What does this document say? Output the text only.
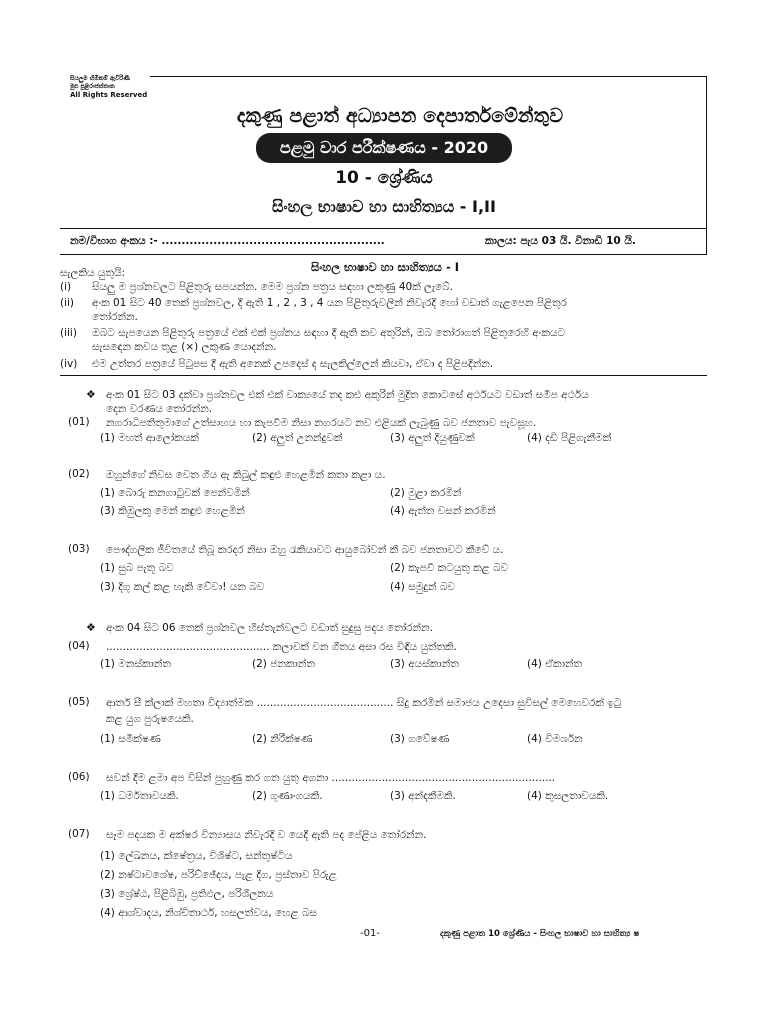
සියලුම හිමිකම් ඇවිරිණි
මුළු පුළිරාජස්තාන
All Rights Reserved
දකුණු පළාත් අධ්‍යාපන දෙපාර්තමේන්තුව
පළමු වාර පරීක්ෂණය - 2020
10 - ශ්‍රේණිය
සිංහල භාෂාව හා සාහිත්‍යය - I,II
නම/විභාග අංකය :- ........................................................	කාලය: පැය 03 යි. විනාඩි 10 යි.
සිංහල භාෂාව හා සාහිත්‍යය - I
සැලකිය යුතුයි:
(i) සියලු ම ප්‍රශ්නවලට පිළිතුරු සපයන්න. මෙම ප්‍රශ්න පත්‍රය සඳහා ලකුණු 40ක් ලැබේ.
(ii) අංක 01 සිට 40 තෙක් ප්‍රශ්නවල, දී ඇති 1 , 2 , 3 , 4 යන පිළිතුරුවලින් නිවැරදි හෝ වඩාත් ගැළපෙන පිළිතුර
තෝරන්න.
(iii) ඔබට සැපයෙන පිළිතුරු පත්‍රයේ එක් එක් ප්‍රශ්නය සඳහා දී ඇති කව අතුරින්, ඔබ තෝරාගත් පිළිතුරෙහි අංකයට
සැසඳෙන කවය තුළ (×) ලකුණ යොදන්න.
(iv) එම උත්තර පත්‍රයේ පිටුපස දී ඇති අනෙක් උපදෙස් ද සැලකිල්ලෙන් කියවා, ඒවා ද පිළිපදින්න.
❖ අංක 01 සිට 03 දක්වා ප්‍රශ්නවල එක් එක් වාක්‍යයේ තද කළු අකුරින් මුද්‍රිත කොටසේ අර්ථයට වඩාත් සමීප අර්ථය
දෙන වරණය තෝරන්න.
(01) නගරාධිපතිතුමාගේ උත්සාහය හා කැපවීම නිසා නගරයට නව එළියක් ලැබුණු බව ජනතාව පැවසූහ.
(1) මහත් ආලෝකයක්	(2) අලුත් උනන්දුවක්	(3) අලුත් දියුණුවක්	(4) දඩි පිළිගැනීමක්
(02) ඔහුන්ගේ නිවස වෙත ගිය ඇ කිබුල් කඳුළු හෙළමින් කතා කළා ය.
(1) බොරු කනගාටුවක් පෙන්වමින්	(2) මුළා කරමින්
(3) කිඹුලකු මෙන් කඳුළු හෙළමින්	(4) ඇත්ත වසන් කරමින්
(03) පෞද්ගලික ජීවිතයේ තිබූ කරදර නිසා ඔහු රැකියාවට ආයුබෝවන් කී බව ජනතාවට කීවේ ය.
(1) සුබ පැතූ බව	(2) කැපවී කටයුතු කළ බව
(3) දිගු කල් කළ හැකි වේවා! යන බව	(4) සමුදුන් බව
❖ අංක 04 සිට 06 තෙක් ප්‍රශ්නවල හිස්තැන්වලට වඩාත් සුදුසු පදය තෝරන්න.
(04) ................................................. කලාවක් වන ගීතය අසා රස විඳිය යුත්තකි.
(1) මනස්කාන්ත	(2) ජනකාන්ත	(3) අයස්කාන්ත	(4) ඒකාන්ත
(05) ආතර් සී ක්ලාක් මහතා විද්‍යාත්මක ......................................... සිදු කරමින් සමාජය උදෙසා සුවිසල් මෙහෙවරක් ඉටු
කළ යුග පුරුෂයෙකි.
(1) සමීක්ෂණ	(2) නිරීක්ෂණ	(3) ගවේෂණ	(4) විමර්ශන
(06) සවන් දීම ළමා අප විසින් පුහුණු කර ගත යුතු අගනා ...................................................................
(1) ධර්මතාවයකි.	(2) ගුණාංගයකි.	(3) අන්දකීමකි.	(4) කුසලතාවයකි.
(07) සෑම පදයක ම අක්ෂර වින්‍යාසය නිවැරදි ව යෙදී ඇති පද පේළිය තෝරන්න.
(1) ලේඛනය, ක්ෂේත්‍රය, විශිෂ්ට, සන්තුෂ්ටිය
(2) නෂ්ටාවශේෂ, පරිච්ඡේදය, පැළ දිග, ප්‍රස්තාව පිරුළ
(3) ශ්‍රේෂ්ඨ, පිළිබිඹු, ප්‍රතිඵල, පරිශීලනය
(4) ආශ්වාදය, නිශ්චිතාර්ථ, හසලත්වය, හෙළ බස
-01-	දකුණු පළාත 10 ශ්‍රේණිය - සිංහල භාෂාව හා සාහිත්‍ය ෂ
